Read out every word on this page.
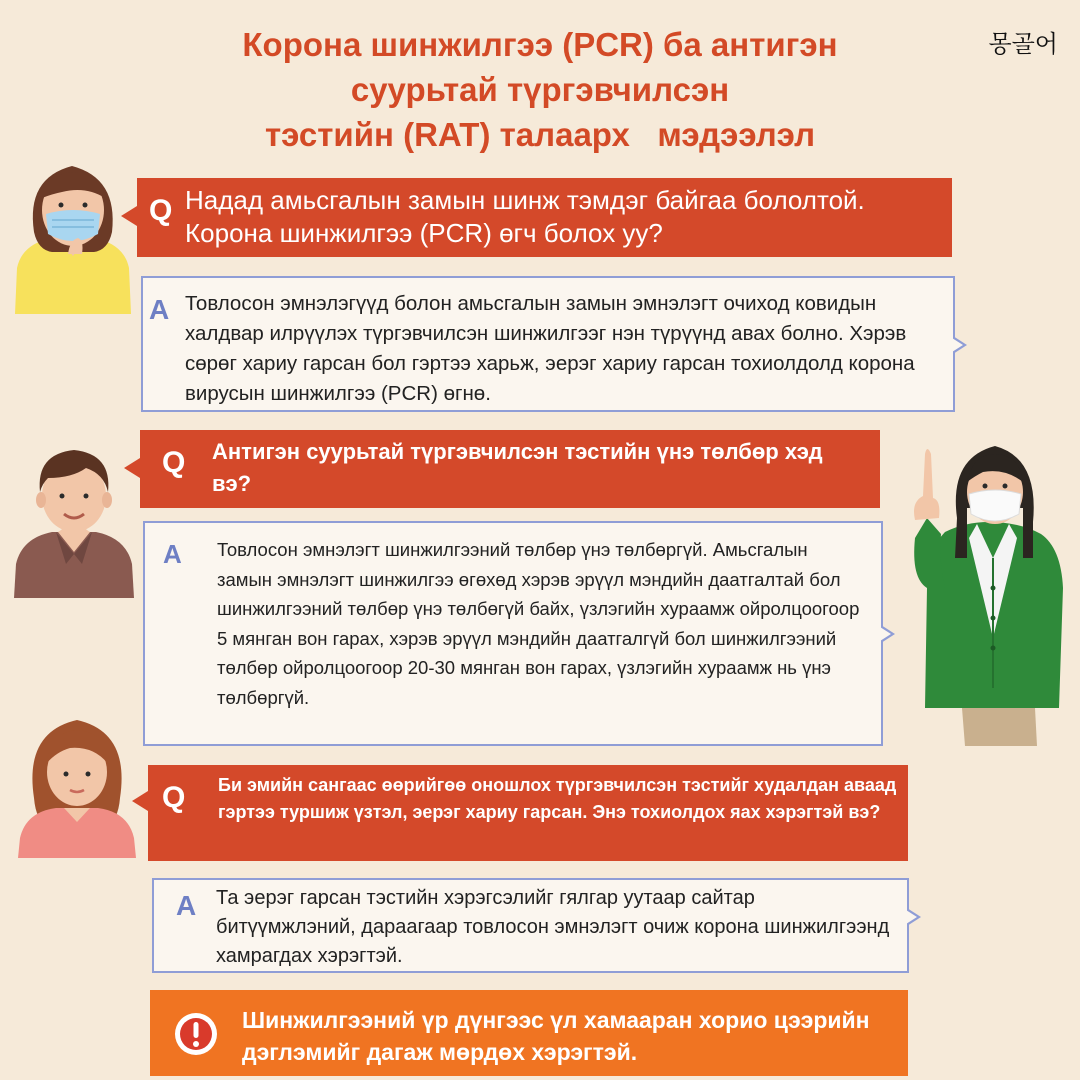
몽골어
Корона шинжилгээ (PCR) ба антигэн
суурьтай түргэвчилсэн
тэстийн (RAT) талаарх   мэдээлэл
Q Надад амьсгалын замын шинж тэмдэг байгаа бололтой. Корона шинжилгээ (PCR) өгч болох уу?
A Товлосон эмнэлэгүүд болон амьсгалын замын эмнэлэгт очиход ковидын халдвар илрүүлэх түргэвчилсэн шинжилгээг нэн түрүүнд авах болно. Хэрэв сөрөг хариу гарсан бол гэртээ харьж, эерэг хариу гарсан тохиолдолд корона вирусын шинжилгээ (PCR) өгнө.
Q Антигэн суурьтай түргэвчилсэн тэстийн үнэ төлбөр хэд вэ?
A Товлосон эмнэлэгт шинжилгээний төлбөр үнэ төлбөргүй. Амьсгалын замын эмнэлэгт шинжилгээ өгөхөд хэрэв эрүүл мэндийн даатгалтай бол шинжилгээний төлбөр үнэ төлбөгүй байх, үзлэгийн хураамж ойролцоогоор 5 мянган вон гарах, хэрэв эрүүл мэндийн даатгалгүй бол шинжилгээний төлбөр ойролцоогоор 20-30 мянган вон гарах, үзлэгийн хураамж нь үнэ төлбөргүй.
Q Би эмийн сангаас өөрийгөө оношлох түргэвчилсэн тэстийг худалдан аваад гэртээ туршиж үзтэл, эерэг хариу гарсан. Энэ тохиолдох яах хэрэгтэй вэ?
A Та эерэг гарсан тэстийн хэрэгсэлийг гялгар уутаар сайтар битүүмжлэний, дараагаар товлосон эмнэлэгт очиж корона шинжилгээнд хамрагдах хэрэгтэй.
Шинжилгээний үр дүнгээс үл хамааран хорио цээрийн дэглэмийг дагаж мөрдөх хэрэгтэй.
